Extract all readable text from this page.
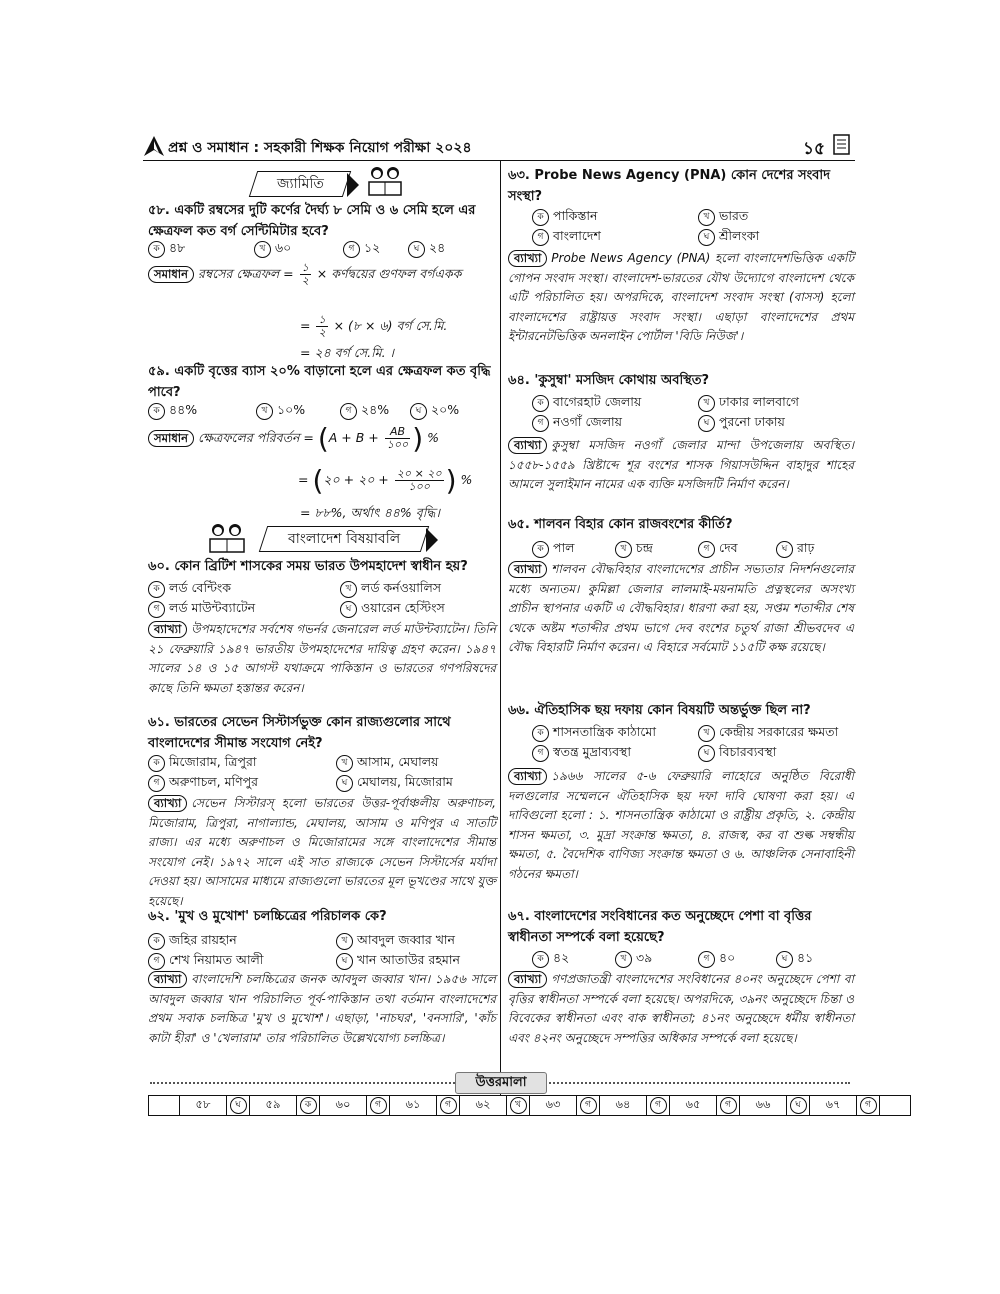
প্রশ্ন ও সমাধান : সহকারী শিক্ষক নিয়োগ পরীক্ষা ২০২৪	১৫
জ্যামিতি
৫৮. একটি রম্বসের দুটি কর্ণের দৈর্ঘ্য ৮ সেমি ও ৬ সেমি হলে এর ক্ষেত্রফল কত বর্গ সেন্টিমিটার হবে?
ক ৪৮	খ ৬০	গ ১২	ঘ ২৪
সমাধান রম্বসের ক্ষেত্রফল = $\frac{১}{২}$ × কর্ণদ্বয়ের গুণফল বর্গএকক
= $\frac{১}{২}$ × (৮ × ৬) বর্গ সে.মি.
= ২৪ বর্গ সে.মি. ।
৫৯. একটি বৃত্তের ব্যাস ২০% বাড়ানো হলে এর ক্ষেত্রফল কত বৃদ্ধি পাবে?
ক ৪৪%	খ ১০%	গ ২৪%	ঘ ২০%
সমাধান ক্ষেত্রফলের পরিবর্তন = ($A + B + \frac{AB}{১০০}$ ) %
= (২০ + ২০ + $\frac{২০ \times ২০}{১০০}$ ) %
= ৮৮%, অর্থাৎ ৪৪% বৃদ্ধি।
বাংলাদেশ বিষয়াবলি
৬০. কোন ব্রিটিশ শাসকের সময় ভারত উপমহাদেশ স্বাধীন হয়?
ক লর্ড বেন্টিংক	খ লর্ড কর্নওয়ালিস
গ লর্ড মাউন্টব্যাটেন	ঘ ওয়ারেন হেস্টিংস
ব্যাখ্যা উপমহাদেশের সর্বশেষ গভর্নর জেনারেল লর্ড মাউন্টব্যাটেন। তিনি ২১ ফেব্রুয়ারি ১৯৪৭ ভারতীয় উপমহাদেশের দায়িত্ব গ্রহণ করেন। ১৯৪৭ সালের ১৪ ও ১৫ আগস্ট যথাক্রমে পাকিস্তান ও ভারতের গণপরিষদের কাছে তিনি ক্ষমতা হস্তান্তর করেন।
৬১. ভারতের সেভেন সিস্টার্সভুক্ত কোন রাজ্যগুলোর সাথে বাংলাদেশের সীমান্ত সংযোগ নেই?
ক মিজোরাম, ত্রিপুরা	খ আসাম, মেঘালয়
গ অরুণাচল, মণিপুর	ঘ মেঘালয়, মিজোরাম
ব্যাখ্যা সেভেন সিস্টারস্ হলো ভারতের উত্তর-পূর্বাঞ্চলীয় অরুণাচল, মিজোরাম, ত্রিপুরা, নাগাল্যান্ড, মেঘালয়, আসাম ও মণিপুর এ সাতটি রাজ্য। এর মধ্যে অরুণাচল ও মিজোরামের সঙ্গে বাংলাদেশের সীমান্ত সংযোগ নেই। ১৯৭২ সালে এই সাত রাজ্যকে সেভেন সিস্টার্সের মর্যাদা দেওয়া হয়। আসামের মাধ্যমে রাজ্যগুলো ভারতের মূল ভূখণ্ডের সাথে যুক্ত হয়েছে।
৬২. 'মুখ ও মুখোশ' চলচ্চিত্রের পরিচালক কে?
ক জহির রায়হান	খ আবদুল জব্বার খান
গ শেখ নিয়ামত আলী	ঘ খান আতাউর রহমান
ব্যাখ্যা বাংলাদেশি চলচ্চিত্রের জনক আবদুল জব্বার খান। ১৯৫৬ সালে আবদুল জব্বার খান পরিচালিত পূর্ব-পাকিস্তান তথা বর্তমান বাংলাদেশের প্রথম সবাক চলচ্চিত্র 'মুখ ও মুখোশ'। এছাড়া, 'নাচঘর', 'বনসারি', 'কাঁচ কাটা হীরা' ও 'খেলারাম' তার পরিচালিত উল্লেখযোগ্য চলচ্চিত্র।
৬৩. Probe News Agency (PNA) কোন দেশের সংবাদ সংস্থা?
ক পাকিস্তান	খ ভারত
গ বাংলাদেশ	ঘ শ্রীলংকা
ব্যাখ্যা Probe News Agency (PNA) হলো বাংলাদেশভিত্তিক একটি গোপন সংবাদ সংস্থা। বাংলাদেশ-ভারতের যৌথ উদ্যোগে বাংলাদেশ থেকে এটি পরিচালিত হয়। অপরদিকে, বাংলাদেশ সংবাদ সংস্থা (বাসস) হলো বাংলাদেশের রাষ্ট্রায়ত্ত সংবাদ সংস্থা। এছাড়া বাংলাদেশের প্রথম ইন্টারনেটভিত্তিক অনলাইন পোর্টাল 'বিডি নিউজ'।
৬৪. 'কুসুম্বা' মসজিদ কোথায় অবস্থিত?
ক বাগেরহাট জেলায়	খ ঢাকার লালবাগে
গ নওগাঁ জেলায়	ঘ পুরনো ঢাকায়
ব্যাখ্যা কুসুম্বা মসজিদ নওগাঁ জেলার মান্দা উপজেলায় অবস্থিত। ১৫৫৮-১৫৫৯ খ্রিষ্টাব্দে শূর বংশের শাসক গিয়াসউদ্দিন বাহাদুর শাহের আমলে সুলাইমান নামের এক ব্যক্তি মসজিদটি নির্মাণ করেন।
৬৫. শালবন বিহার কোন রাজবংশের কীর্তি?
ক পাল	খ চন্দ্র	গ দেব	ঘ রাঢ়
ব্যাখ্যা শালবন বৌদ্ধবিহার বাংলাদেশের প্রাচীন সভ্যতার নিদর্শনগুলোর মধ্যে অন্যতম। কুমিল্লা জেলার লালমাই-ময়নামতি প্রত্নস্থলের অসংখ্য প্রাচীন স্থাপনার একটি এ বৌদ্ধবিহার। ধারণা করা হয়, সপ্তম শতাব্দীর শেষ থেকে অষ্টম শতাব্দীর প্রথম ভাগে দেব বংশের চতুর্থ রাজা শ্রীভবদেব এ বৌদ্ধ বিহারটি নির্মাণ করেন। এ বিহারে সর্বমোট ১১৫টি কক্ষ রয়েছে।
৬৬. ঐতিহাসিক ছয় দফায় কোন বিষয়টি অন্তর্ভুক্ত ছিল না?
ক শাসনতান্ত্রিক কাঠামো	খ কেন্দ্রীয় সরকারের ক্ষমতা
গ স্বতন্ত্র মুদ্রাব্যবস্থা	ঘ বিচারব্যবস্থা
ব্যাখ্যা ১৯৬৬ সালের ৫-৬ ফেব্রুয়ারি লাহোরে অনুষ্ঠিত বিরোধী দলগুলোর সম্মেলনে ঐতিহাসিক ছয় দফা দাবি ঘোষণা করা হয়। এ দাবিগুলো হলো : ১. শাসনতান্ত্রিক কাঠামো ও রাষ্ট্রীয় প্রকৃতি, ২. কেন্দ্রীয় শাসন ক্ষমতা, ৩. মুদ্রা সংক্রান্ত ক্ষমতা, ৪. রাজস্ব, কর বা শুল্ক সম্বন্ধীয় ক্ষমতা, ৫. বৈদেশিক বাণিজ্য সংক্রান্ত ক্ষমতা ও ৬. আঞ্চলিক সেনাবাহিনী গঠনের ক্ষমতা।
৬৭. বাংলাদেশের সংবিধানের কত অনুচ্ছেদে পেশা বা বৃত্তির স্বাধীনতা সম্পর্কে বলা হয়েছে?
ক ৪২	খ ৩৯	গ ৪০	ঘ ৪১
ব্যাখ্যা গণপ্রজাতন্ত্রী বাংলাদেশের সংবিধানের ৪০নং অনুচ্ছেদে পেশা বা বৃত্তির স্বাধীনতা সম্পর্কে বলা হয়েছে। অপরদিকে, ৩৯নং অনুচ্ছেদে চিন্তা ও বিবেকের স্বাধীনতা এবং বাক স্বাধীনতা; ৪১নং অনুচ্ছেদে ধর্মীয় স্বাধীনতা এবং ৪২নং অনুচ্ছেদে সম্পত্তির অধিকার সম্পর্কে বলা হয়েছে।
উত্তরমালা
	৫৮	ঘ	৫৯	ক	৬০	গ	৬১	গ	৬২	খ	৬৩	গ	৬৪	গ	৬৫	গ	৬৬	ঘ	৬৭	গ	
